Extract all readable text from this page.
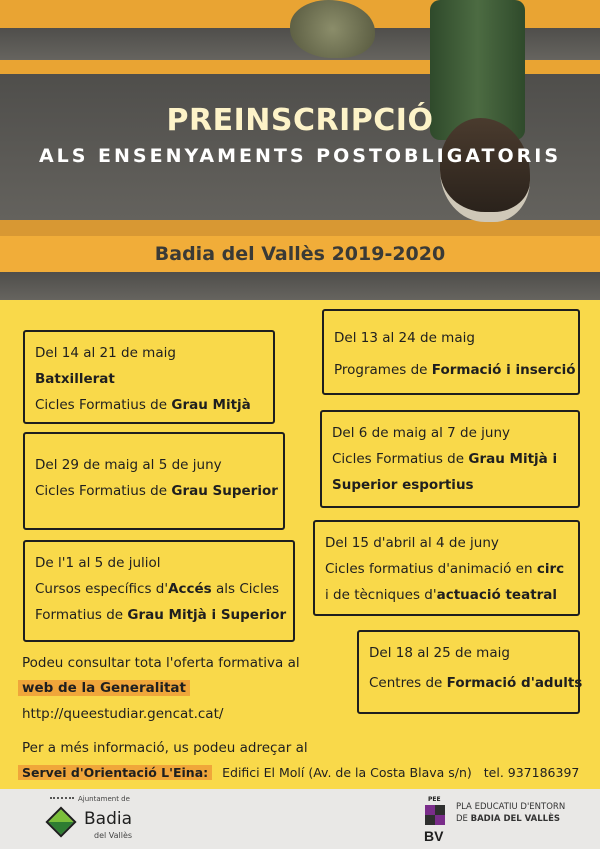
PREINSCRIPCIÓ
ALS ENSENYAMENTS POSTOBLIGATORIS
Badia del Vallès 2019-2020
Del 14 al 21 de maig
Batxillerat
Cicles Formatius de Grau Mitjà
Del 13 al 24 de maig
Programes de Formació i inserció
Del 29 de maig al 5 de juny
Cicles Formatius de Grau Superior
Del 6 de maig al 7 de juny
Cicles Formatius de Grau Mitjà i
Superior esportius
De l'1 al 5 de juliol
Cursos específics d'Accés als Cicles
Formatius de Grau Mitjà i Superior
Del 15 d'abril al 4 de juny
Cicles formatius d'animació en circ
i de tècniques d'actuació teatral
Del 18 al 25 de maig
Centres de Formació d'adults
Podeu consultar tota l'oferta formativa al
web de la Generalitat
http://queestudiar.gencat.cat/
Per a més informació, us podeu adreçar al
Servei d'Orientació L'Eina: Edifici El Molí (Av. de la Costa Blava s/n) tel. 937186397
Ajuntament de
Badia
del Vallès	BV
PEE
PLA EDUCATIU D'ENTORN
DE BADIA DEL VALLÈS
